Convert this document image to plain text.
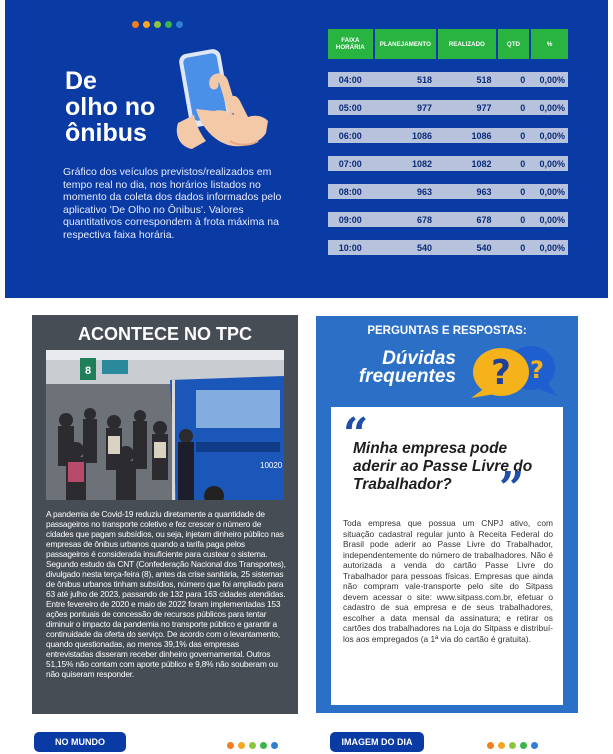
De
olho no
ônibus

Gráfico dos veículos previstos/realizados em tempo real no dia, nos horários listados no momento da coleta dos dados informados pelo aplicativo 'De Olho no Ônibus'. Valores quantitativos correspondem à frota máxima na respectiva faixa horária.

FAIXA HORÁRIA	PLANEJAMENTO	REALIZADO	QTD	%
04:00	518	518	0	0,00%
05:00	977	977	0	0,00%
06:00	1086	1086	0	0,00%
07:00	1082	1082	0	0,00%
08:00	963	963	0	0,00%
09:00	678	678	0	0,00%
10:00	540	540	0	0,00%
ACONTECE NO TPC
8
10020

A pandemia de Covid-19 reduziu diretamente a quantidade de passageiros no transporte coletivo e fez crescer o número de cidades que pagam subsídios, ou seja, injetam dinheiro público nas empresas de ônibus urbanos quando a tarifa paga pelos passageiros é considerada insuficiente para custear o sistema. Segundo estudo da CNT (Confederação Nacional dos Transportes), divulgado nesta terça-feira (8), antes da crise sanitária, 25 sistemas de ônibus urbanos tinham subsídios, número que foi ampliado para 63 até julho de 2023, passando de 132 para 163 cidades atendidas. Entre fevereiro de 2020 e maio de 2022 foram implementadas 153 ações pontuais de concessão de recursos públicos para tentar diminuir o impacto da pandemia no transporte público e garantir a continuidade da oferta do serviço. De acordo com o levantamento, quando questionadas, ao menos 39,1% das empresas entrevistadas disseram receber dinheiro governamental. Outros 51,15% não contam com aporte público e 9,8% não souberam ou não quiseram responder.

PERGUNTAS E RESPOSTAS:
Dúvidas
frequentes ? ?
“

Minha empresa pode aderir ao Passe Livre do Trabalhador?	”

Toda empresa que possua um CNPJ ativo, com situação cadastral regular junto à Receita Federal do Brasil pode aderir ao Passe Livre do Trabalhador, independentemente do número de trabalhadores. Não é autorizada a venda do cartão Passe Livre do Trabalhador para pessoas físicas. Empresas que ainda não compram vale-transporte pelo site do Sitpass devem acessar o site: www.sitpass.com.br, efetuar o cadastro de sua empresa e de seus trabalhadores, escolher a data mensal da assinatura; e retirar os cartões dos trabalhadores na Loja do Sitpass e distribuí-los aos empregados (a 1ª via do cartão é gratuita).

NO MUNDO	IMAGEM DO DIA
